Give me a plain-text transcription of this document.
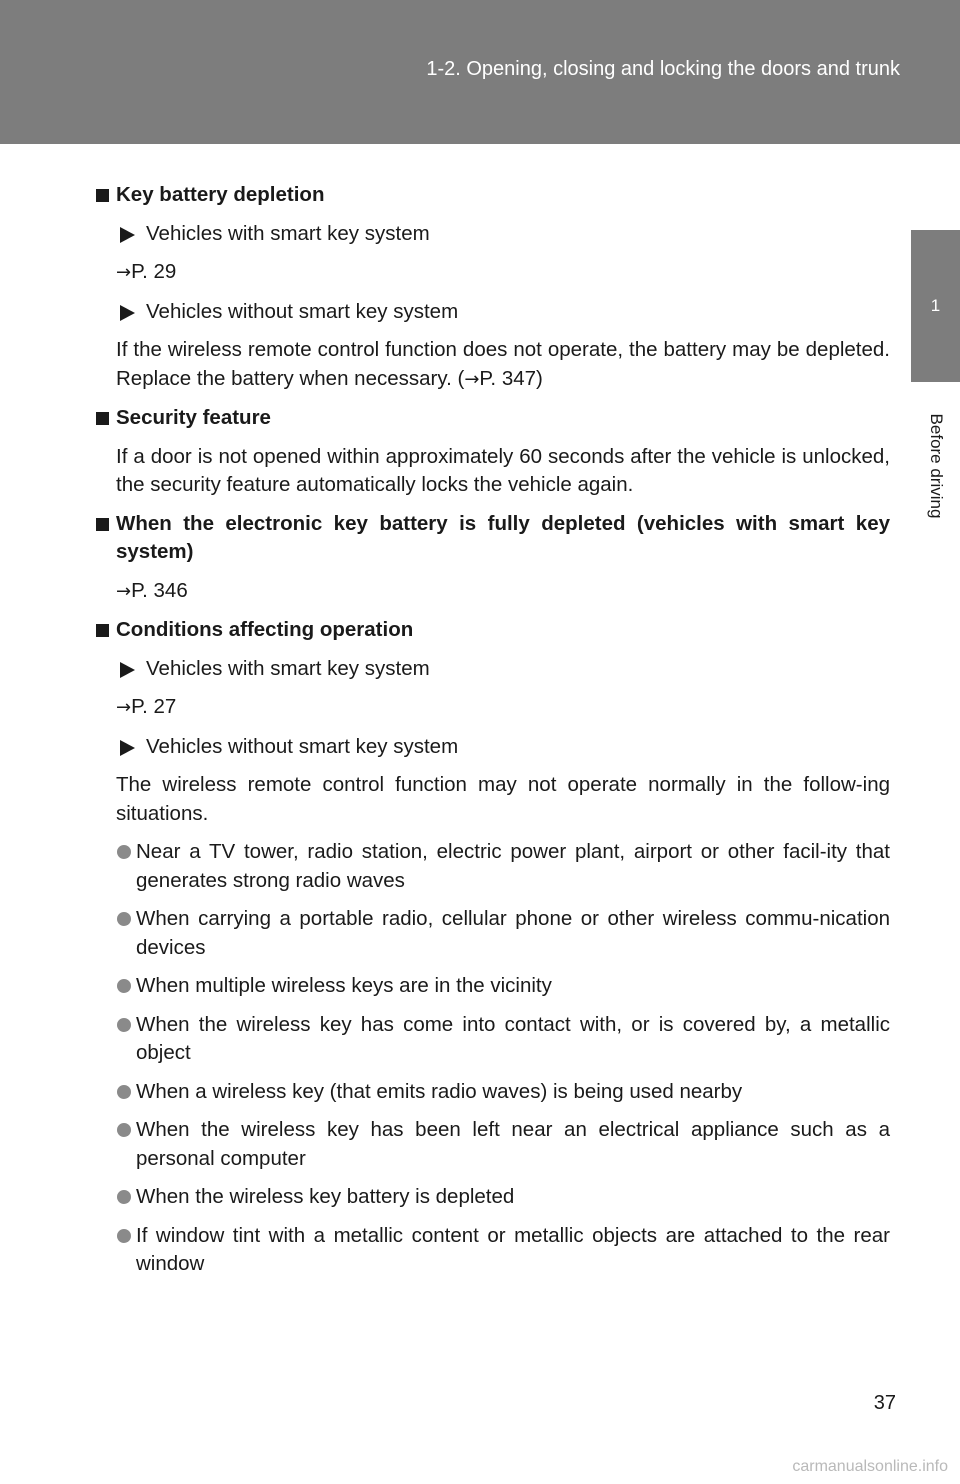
1-2. Opening, closing and locking the doors and trunk
1
Before driving
Key battery depletion
Vehicles with smart key system
→P. 29
Vehicles without smart key system
If the wireless remote control function does not operate, the battery may be depleted. Replace the battery when necessary. (→P. 347)
Security feature
If a door is not opened within approximately 60 seconds after the vehicle is unlocked, the security feature automatically locks the vehicle again.
When the electronic key battery is fully depleted (vehicles with smart key system)
→P. 346
Conditions affecting operation
Vehicles with smart key system
→P. 27
Vehicles without smart key system
The wireless remote control function may not operate normally in the follow-ing situations.
Near a TV tower, radio station, electric power plant, airport or other facil-ity that generates strong radio waves
When carrying a portable radio, cellular phone or other wireless commu-nication devices
When multiple wireless keys are in the vicinity
When the wireless key has come into contact with, or is covered by, a metallic object
When a wireless key (that emits radio waves) is being used nearby
When the wireless key has been left near an electrical appliance such as a personal computer
When the wireless key battery is depleted
If window tint with a metallic content or metallic objects are attached to the rear window
37
carmanualsonline.info
